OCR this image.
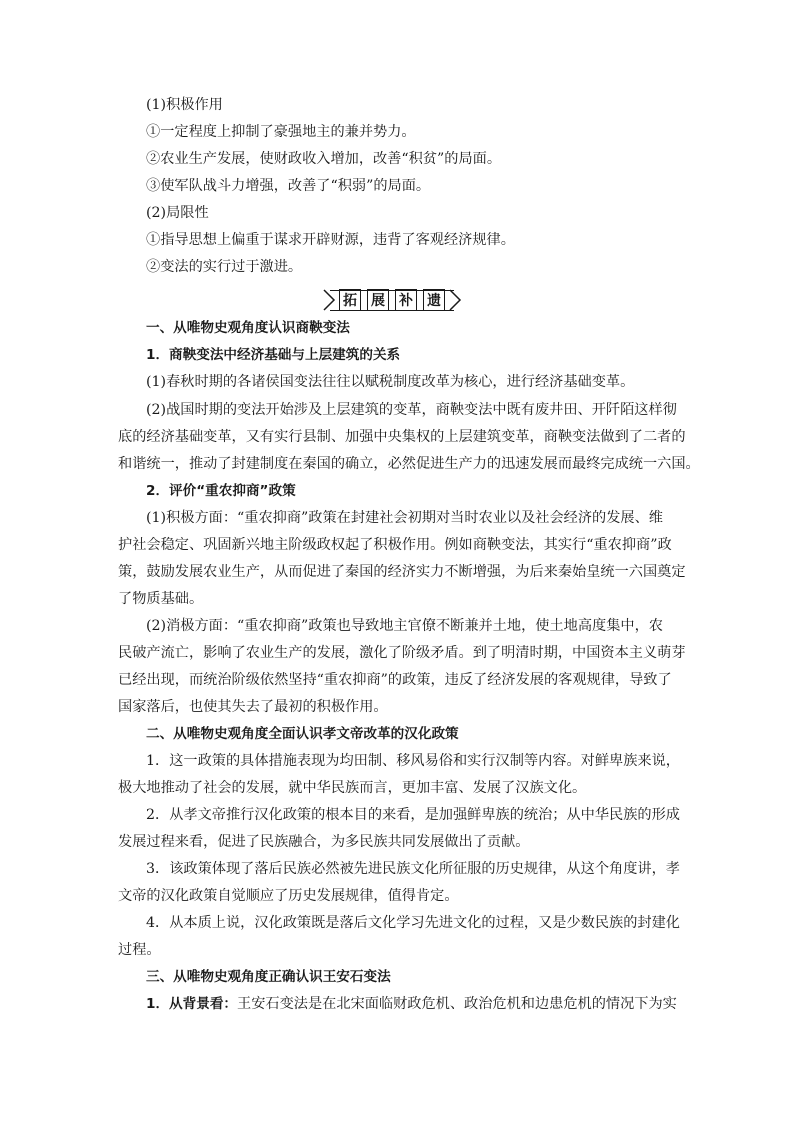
(1)积极作用
①一定程度上抑制了豪强地主的兼并势力。
②农业生产发展，使财政收入增加，改善“积贫”的局面。
③使军队战斗力增强，改善了“积弱”的局面。
(2)局限性
①指导思想上偏重于谋求开辟财源，违背了客观经济规律。
②变法的实行过于激进。
拓 展 补 遗
一、从唯物史观角度认识商鞅变法
1．商鞅变法中经济基础与上层建筑的关系
(1)春秋时期的各诸侯国变法往往以赋税制度改革为核心，进行经济基础变革。
(2)战国时期的变法开始涉及上层建筑的变革，商鞅变法中既有废井田、开阡陌这样彻
底的经济基础变革，又有实行县制、加强中央集权的上层建筑变革，商鞅变法做到了二者的
和谐统一，推动了封建制度在秦国的确立，必然促进生产力的迅速发展而最终完成统一六国。
2．评价“重农抑商”政策
(1)积极方面：“重农抑商”政策在封建社会初期对当时农业以及社会经济的发展、维
护社会稳定、巩固新兴地主阶级政权起了积极作用。例如商鞅变法，其实行“重农抑商”政
策，鼓励发展农业生产，从而促进了秦国的经济实力不断增强，为后来秦始皇统一六国奠定
了物质基础。
(2)消极方面：“重农抑商”政策也导致地主官僚不断兼并土地，使土地高度集中，农
民破产流亡，影响了农业生产的发展，激化了阶级矛盾。到了明清时期，中国资本主义萌芽
已经出现，而统治阶级依然坚持“重农抑商”的政策，违反了经济发展的客观规律，导致了
国家落后，也使其失去了最初的积极作用。
二、从唯物史观角度全面认识孝文帝改革的汉化政策
1．这一政策的具体措施表现为均田制、移风易俗和实行汉制等内容。对鲜卑族来说，
极大地推动了社会的发展，就中华民族而言，更加丰富、发展了汉族文化。
2．从孝文帝推行汉化政策的根本目的来看，是加强鲜卑族的统治；从中华民族的形成
发展过程来看，促进了民族融合，为多民族共同发展做出了贡献。
3．该政策体现了落后民族必然被先进民族文化所征服的历史规律，从这个角度讲，孝
文帝的汉化政策自觉顺应了历史发展规律，值得肯定。
4．从本质上说，汉化政策既是落后文化学习先进文化的过程，又是少数民族的封建化
过程。
三、从唯物史观角度正确认识王安石变法
1．从背景看：王安石变法是在北宋面临财政危机、政治危机和边患危机的情况下为实
